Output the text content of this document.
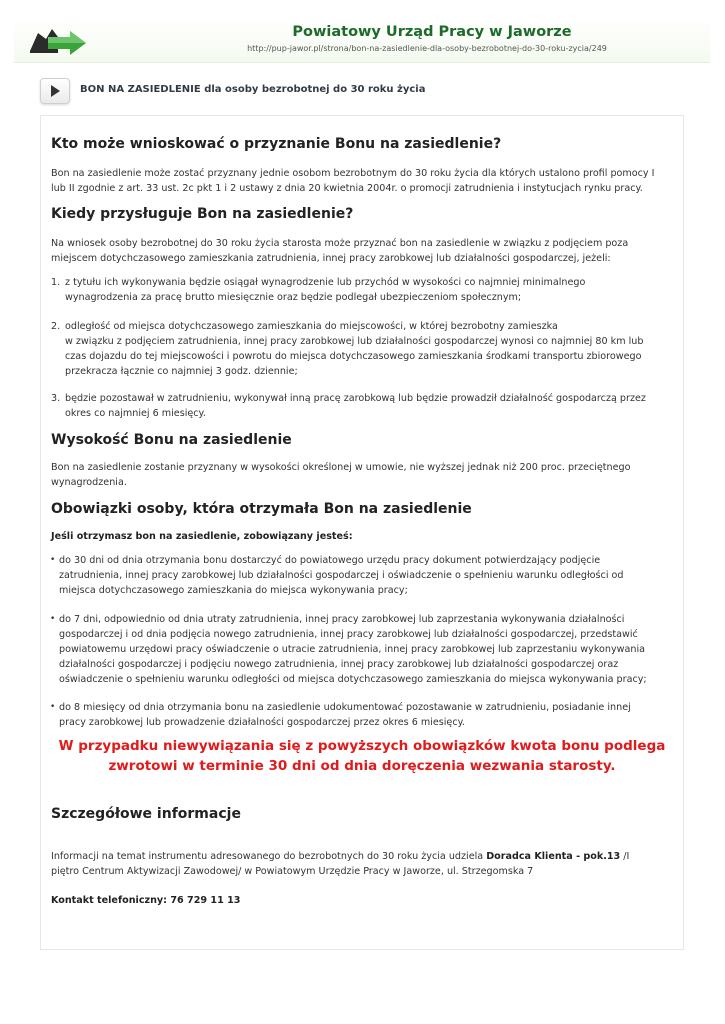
Powiatowy Urząd Pracy w Jaworze
http://pup-jawor.pl/strona/bon-na-zasiedlenie-dla-osoby-bezrobotnej-do-30-roku-zycia/249
BON NA ZASIEDLENIE dla osoby bezrobotnej do 30 roku życia
Kto może wnioskować o przyznanie Bonu na zasiedlenie?

Bon na zasiedlenie może zostać przyznany jednie osobom bezrobotnym do 30 roku życia dla których ustalono profil pomocy I

lub II zgodnie z art. 33 ust. 2c pkt 1 i 2 ustawy z dnia 20 kwietnia 2004r. o promocji zatrudnienia i instytucjach rynku pracy.

Kiedy przysługuje Bon na zasiedlenie?

Na wniosek osoby bezrobotnej do 30 roku życia starosta może przyznać bon na zasiedlenie w związku z podjęciem poza

miejscem dotychczasowego zamieszkania zatrudnienia, innej pracy zarobkowej lub działalności gospodarczej, jeżeli:

1. z tytułu ich wykonywania będzie osiągał wynagrodzenie lub przychód w wysokości co najmniej minimalnego
wynagrodzenia za pracę brutto miesięcznie oraz będzie podlegał ubezpieczeniom społecznym;
2. odległość od miejsca dotychczasowego zamieszkania do miejscowości, w której bezrobotny zamieszka
w związku z podjęciem zatrudnienia, innej pracy zarobkowej lub działalności gospodarczej wynosi co najmniej 80 km lub
czas dojazdu do tej miejscowości i powrotu do miejsca dotychczasowego zamieszkania środkami transportu zbiorowego
przekracza łącznie co najmniej 3 godz. dziennie;
3. będzie pozostawał w zatrudnieniu, wykonywał inną pracę zarobkową lub będzie prowadził działalność gospodarczą przez
okres co najmniej 6 miesięcy.
Wysokość Bonu na zasiedlenie

Bon na zasiedlenie zostanie przyznany w wysokości określonej w umowie, nie wyższej jednak niż 200 proc. przeciętnego

wynagrodzenia.

Obowiązki osoby, która otrzymała Bon na zasiedlenie

Jeśli otrzymasz bon na zasiedlenie, zobowiązany jesteś:

• do 30 dni od dnia otrzymania bonu dostarczyć do powiatowego urzędu pracy dokument potwierdzający podjęcie
zatrudnienia, innej pracy zarobkowej lub działalności gospodarczej i oświadczenie o spełnieniu warunku odległości od
miejsca dotychczasowego zamieszkania do miejsca wykonywania pracy;
• do 7 dni, odpowiednio od dnia utraty zatrudnienia, innej pracy zarobkowej lub zaprzestania wykonywania działalności
gospodarczej i od dnia podjęcia nowego zatrudnienia, innej pracy zarobkowej lub działalności gospodarczej, przedstawić
powiatowemu urzędowi pracy oświadczenie o utracie zatrudnienia, innej pracy zarobkowej lub zaprzestaniu wykonywania
działalności gospodarczej i podjęciu nowego zatrudnienia, innej pracy zarobkowej lub działalności gospodarczej oraz
oświadczenie o spełnieniu warunku odległości od miejsca dotychczasowego zamieszkania do miejsca wykonywania pracy;
• do 8 miesięcy od dnia otrzymania bonu na zasiedlenie udokumentować pozostawanie w zatrudnieniu, posiadanie innej
pracy zarobkowej lub prowadzenie działalności gospodarczej przez okres 6 miesięcy.
W przypadku niewywiązania się z powyższych obowiązków kwota bonu podlega
zwrotowi w terminie 30 dni od dnia doręczenia wezwania starosty.
Szczegółowe informacje

Informacji na temat instrumentu adresowanego do bezrobotnych do 30 roku życia udziela Doradca Klienta - pok.13 /I

piętro Centrum Aktywizacji Zawodowej/ w Powiatowym Urzędzie Pracy w Jaworze, ul. Strzegomska 7

Kontakt telefoniczny: 76 729 11 13
